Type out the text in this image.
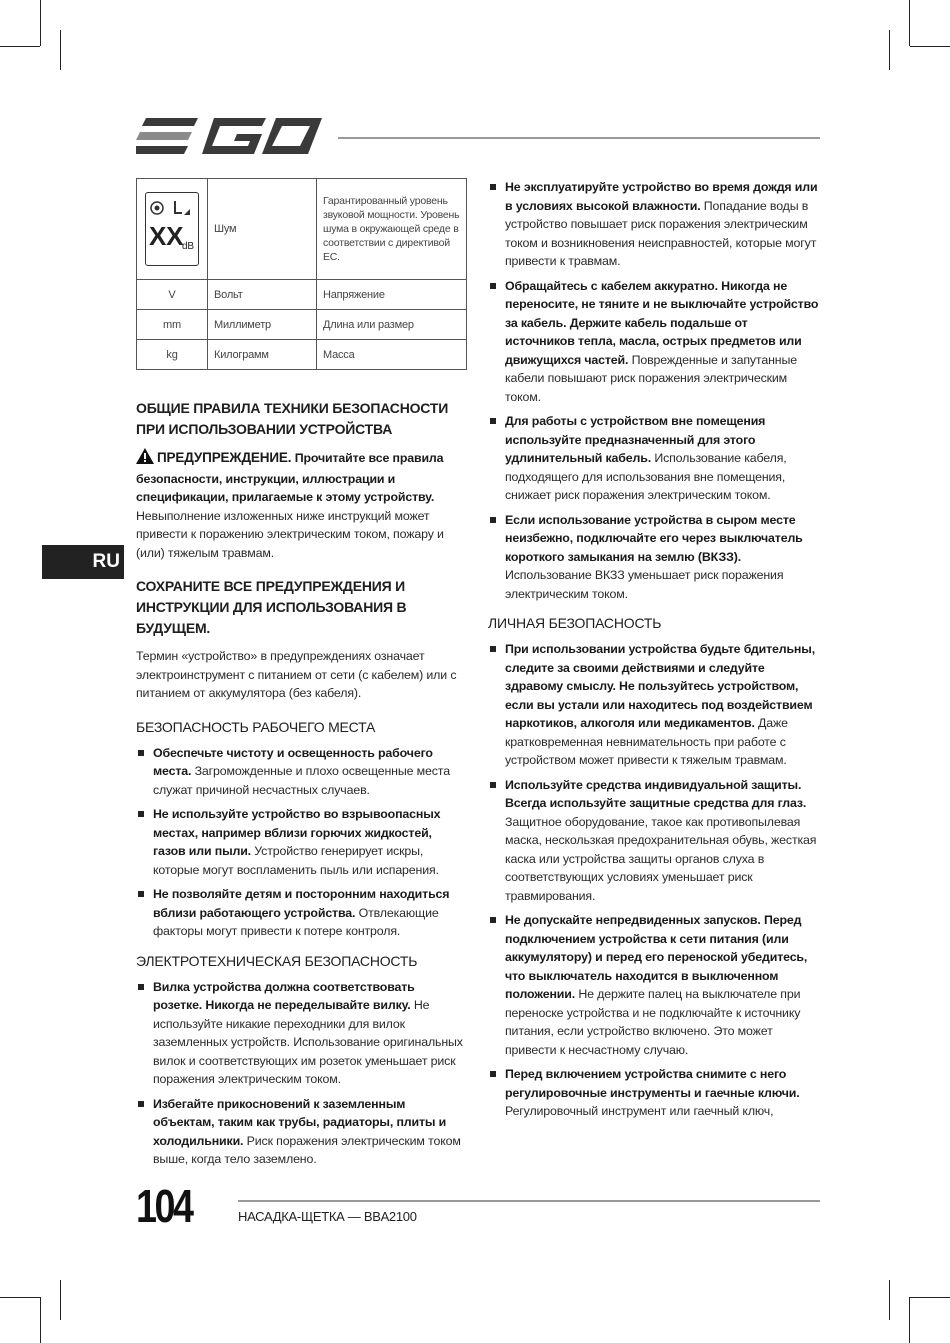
RU
XX
dB	Шум	Гарантированный уровень звуковой мощности. Уровень шума в окружающей среде в соответствии с директивой ЕС.
V	Вольт	Напряжение
mm	Миллиметр	Длина или размер
kg	Килограмм	Масса
ОБЩИЕ ПРАВИЛА ТЕХНИКИ БЕЗОПАСНОСТИ ПРИ ИСПОЛЬЗОВАНИИ УСТРОЙСТВА

ПРЕДУПРЕЖДЕНИЕ. Прочитайте все правила безопасности, инструкции, иллюстрации и спецификации, прилагаемые к этому устройству. Невыполнение изложенных ниже инструкций может привести к поражению электрическим током, пожару и (или) тяжелым травмам.

СОХРАНИТЕ ВСЕ ПРЕДУПРЕЖДЕНИЯ И ИНСТРУКЦИИ ДЛЯ ИСПОЛЬЗОВАНИЯ В БУДУЩЕМ.

Термин «устройство» в предупреждениях означает электроинструмент с питанием от сети (с кабелем) или с питанием от аккумулятора (без кабеля).

БЕЗОПАСНОСТЬ РАБОЧЕГО МЕСТА
Обеспечьте чистоту и освещенность рабочего места. Загроможденные и плохо освещенные места служат причиной несчастных случаев.
Не используйте устройство во взрывоопасных местах, например вблизи горючих жидкостей, газов или пыли. Устройство генерирует искры, которые могут воспламенить пыль или испарения.
Не позволяйте детям и посторонним находиться вблизи работающего устройства. Отвлекающие факторы могут привести к потере контроля.
ЭЛЕКТРОТЕХНИЧЕСКАЯ БЕЗОПАСНОСТЬ
Вилка устройства должна соответствовать розетке. Никогда не переделывайте вилку. Не используйте никакие переходники для вилок заземленных устройств. Использование оригинальных вилок и соответствующих им розеток уменьшает риск поражения электрическим током.
Избегайте прикосновений к заземленным объектам, таким как трубы, радиаторы, плиты и холодильники. Риск поражения электрическим током выше, когда тело заземлено.
Не эксплуатируйте устройство во время дождя или в условиях высокой влажности. Попадание воды в устройство повышает риск поражения электрическим током и возникновения неисправностей, которые могут привести к травмам.
Обращайтесь с кабелем аккуратно. Никогда не переносите, не тяните и не выключайте устройство за кабель. Держите кабель подальше от источников тепла, масла, острых предметов или движущихся частей. Поврежденные и запутанные кабели повышают риск поражения электрическим током.
Для работы с устройством вне помещения используйте предназначенный для этого удлинительный кабель. Использование кабеля, подходящего для использования вне помещения, снижает риск поражения электрическим током.
Если использование устройства в сыром месте неизбежно, подключайте его через выключатель короткого замыкания на землю (ВКЗЗ). Использование ВКЗЗ уменьшает риск поражения электрическим током.
ЛИЧНАЯ БЕЗОПАСНОСТЬ
При использовании устройства будьте бдительны, следите за своими действиями и следуйте здравому смыслу. Не пользуйтесь устройством, если вы устали или находитесь под воздействием наркотиков, алкоголя или медикаментов. Даже кратковременная невнимательность при работе с устройством может привести к тяжелым травмам.
Используйте средства индивидуальной защиты. Всегда используйте защитные средства для глаз. Защитное оборудование, такое как противопылевая маска, нескользкая предохранительная обувь, жесткая каска или устройства защиты органов слуха в соответствующих условиях уменьшает риск травмирования.
Не допускайте непредвиденных запусков. Перед подключением устройства к сети питания (или аккумулятору) и перед его переноской убедитесь, что выключатель находится в выключенном положении. Не держите палец на выключателе при переноске устройства и не подключайте к источнику питания, если устройство включено. Это может привести к несчастному случаю.
Перед включением устройства снимите с него регулировочные инструменты и гаечные ключи. Регулировочный инструмент или гаечный ключ,
104	НАСАДКА-ЩЕТКА — BBA2100
